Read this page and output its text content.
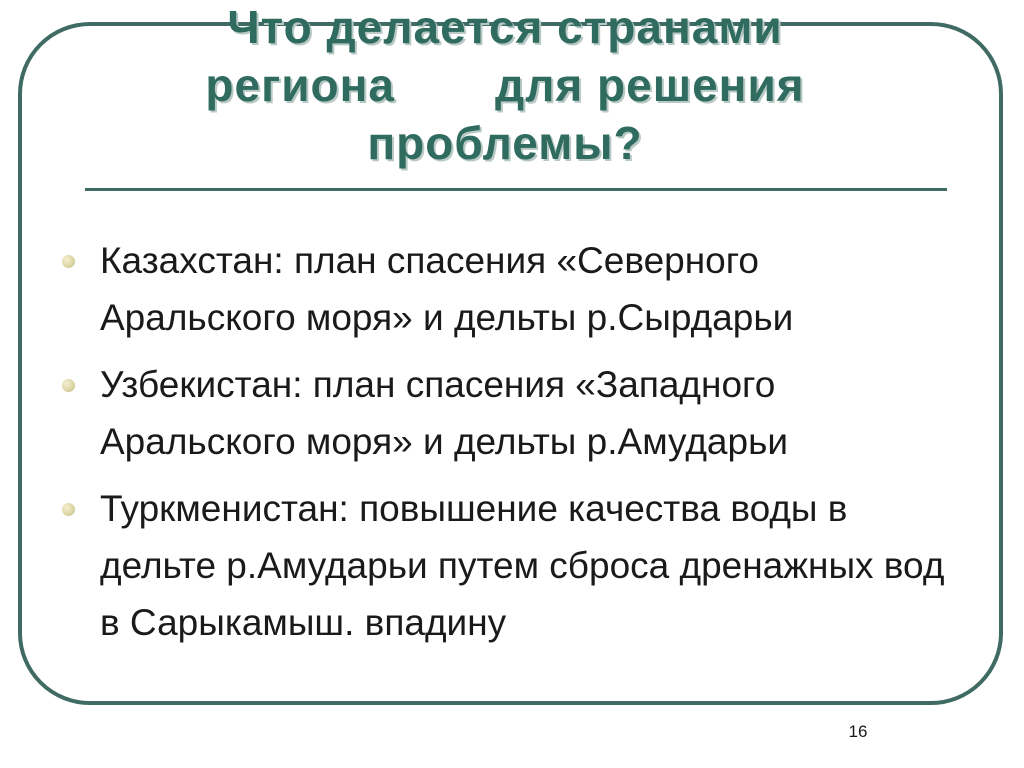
Что делается странами
региона для решения
проблемы?
Казахстан: план спасения «Северного Аральского моря» и дельты р.Сырдарьи
Узбекистан: план спасения «Западного Аральского моря» и дельты р.Амударьи
Туркменистан: повышение качества воды в дельте р.Амударьи путем сброса дренажных вод в Сарыкамыш. впадину
16
